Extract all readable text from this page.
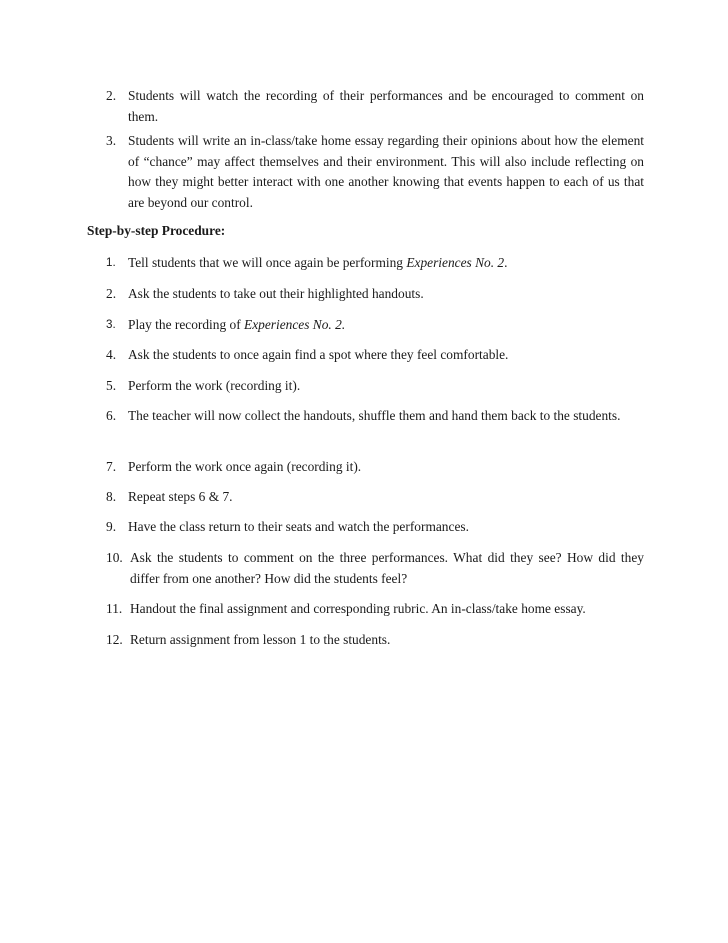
2. Students will watch the recording of their performances and be encouraged to comment on them.
3. Students will write an in-class/take home essay regarding their opinions about how the element of “chance” may affect themselves and their environment. This will also include reflecting on how they might better interact with one another knowing that events happen to each of us that are beyond our control.
Step-by-step Procedure:
1. Tell students that we will once again be performing Experiences No. 2.
2. Ask the students to take out their highlighted handouts.
3. Play the recording of Experiences No. 2.
4. Ask the students to once again find a spot where they feel comfortable.
5. Perform the work (recording it).
6. The teacher will now collect the handouts, shuffle them and hand them back to the students.
7. Perform the work once again (recording it).
8. Repeat steps 6 & 7.
9. Have the class return to their seats and watch the performances.
10. Ask the students to comment on the three performances. What did they see? How did they differ from one another? How did the students feel?
11. Handout the final assignment and corresponding rubric. An in-class/take home essay.
12. Return assignment from lesson 1 to the students.
